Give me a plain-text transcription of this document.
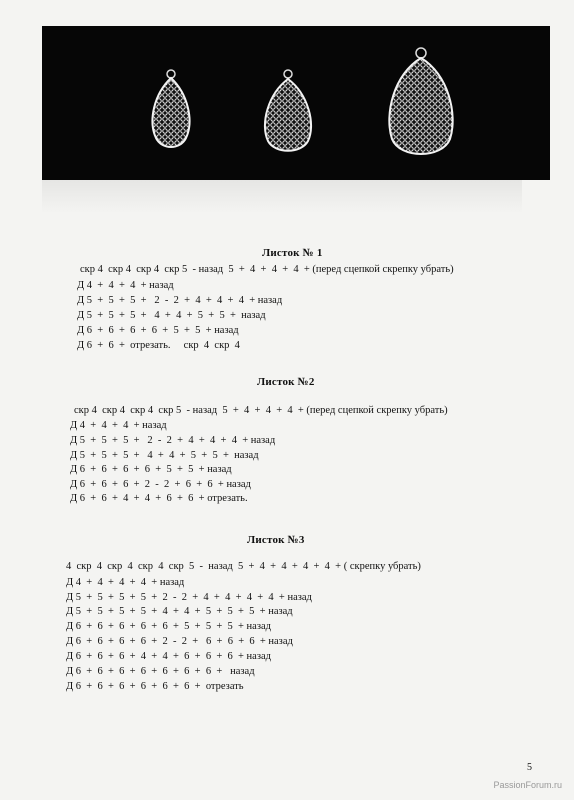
Листок № 1
скр 4  скр 4  скр 4  скр 5  - назад  5  +  4  +  4  +  4  + (перед сцепкой скрепку убрать)
Д 4  +  4  +  4  + назад
Д 5  +  5  +  5  +   2  -  2  +  4  +  4  +  4  + назад
Д 5  +  5  +  5  +   4  +  4  +  5  +  5  +  назад
Д 6  +  6  +  6  +  6  +  5  +  5  + назад
Д 6  +  6  +  отрезать.     скр  4  скр  4
Листок №2
скр 4  скр 4  скр 4  скр 5  - назад  5  +  4  +  4  +  4  + (перед сцепкой скрепку убрать)
Д 4  +  4  +  4  + назад
Д 5  +  5  +  5  +   2  -  2  +  4  +  4  +  4  + назад
Д 5  +  5  +  5  +   4  +  4  +  5  +  5  +  назад
Д 6  +  6  +  6  +  6  +  5  +  5  + назад
Д 6  +  6  +  6  +  2  -  2  +  6  +  6  + назад
Д 6  +  6  +  4  +  4  +  6  +  6  + отрезать.
Листок №3
4  скр  4  скр  4  скр  4  скр  5  -  назад  5  +  4  +  4  +  4  +  4  + ( скрепку убрать)
Д 4  +  4  +  4  +  4  + назад
Д 5  +  5  +  5  +  5  +  2  -  2  +  4  +  4  +  4  +  4  + назад
Д 5  +  5  +  5  +  5  +  4  +  4  +  5  +  5  +  5  + назад
Д 6  +  6  +  6  +  6  +  6  +  5  +  5  +  5  + назад
Д 6  +  6  +  6  +  6  +  2  -  2  +   6  +  6  +  6  + назад
Д 6  +  6  +  6  +  4  +  4  +  6  +  6  +  6  + назад
Д 6  +  6  +  6  +  6  +  6  +  6  +  6  +   назад
Д 6  +  6  +  6  +  6  +  6  +  6  +  отрезать
5
PassionForum.ru
